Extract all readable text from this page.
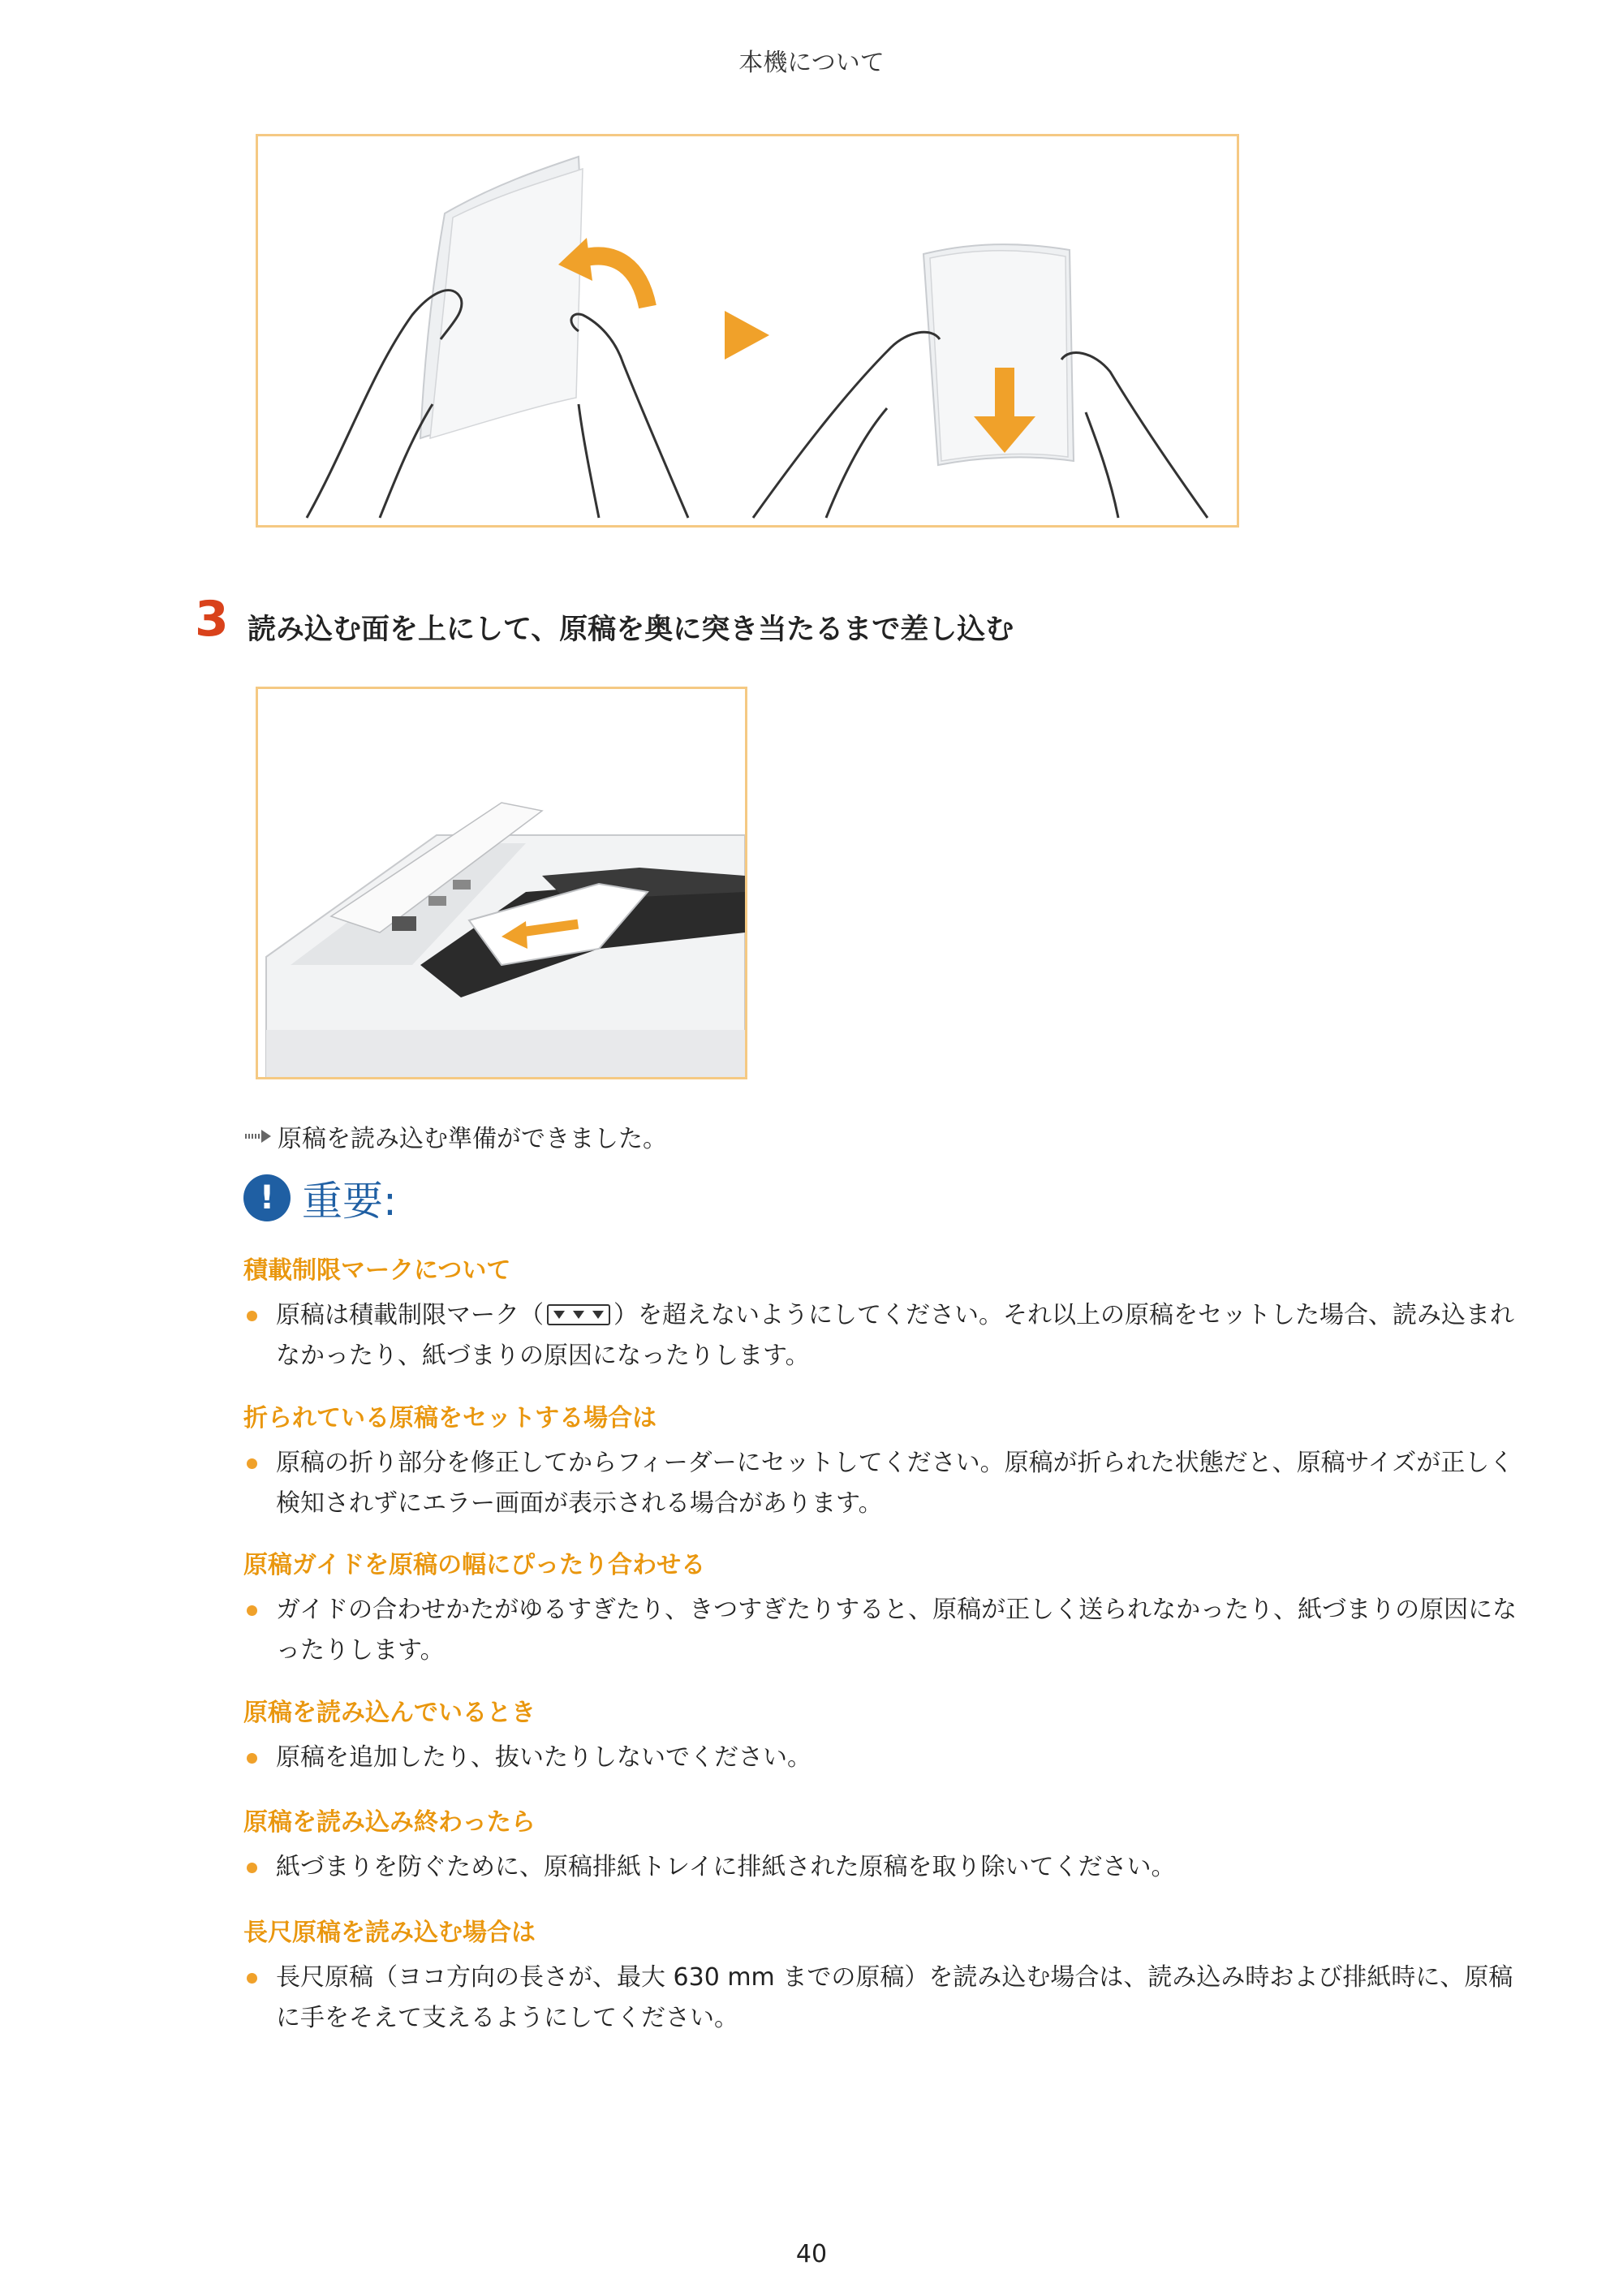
本機について
3 読み込む面を上にして、原稿を奥に突き当たるまで差し込む
原稿を読み込む準備ができました。
! 重要:
積載制限マークについて
原稿は積載制限マーク（	）を超えないようにしてください。それ以上の原稿をセットした場合、読み込まれなかったり、紙づまりの原因になったりします。
折られている原稿をセットする場合は
原稿の折り部分を修正してからフィーダーにセットしてください。原稿が折られた状態だと、原稿サイズが正しく検知されずにエラー画面が表示される場合があります。
原稿ガイドを原稿の幅にぴったり合わせる
ガイドの合わせかたがゆるすぎたり、きつすぎたりすると、原稿が正しく送られなかったり、紙づまりの原因になったりします。
原稿を読み込んでいるとき
原稿を追加したり、抜いたりしないでください。
原稿を読み込み終わったら
紙づまりを防ぐために、原稿排紙トレイに排紙された原稿を取り除いてください。
長尺原稿を読み込む場合は
長尺原稿（ヨコ方向の長さが、最大 630 mm までの原稿）を読み込む場合は、読み込み時および排紙時に、原稿に手をそえて支えるようにしてください。
40
